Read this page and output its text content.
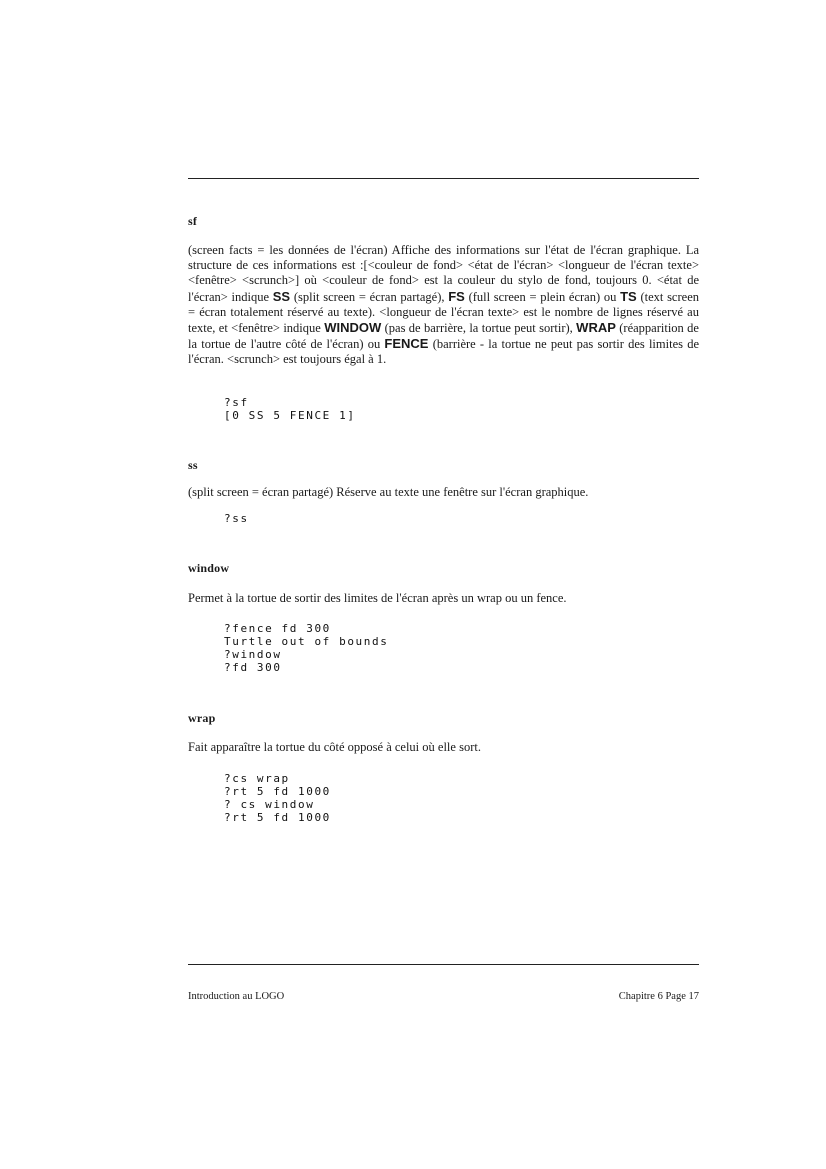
sf

(screen facts = les données de l'écran) Affiche des informations sur l'état de l'écran graphique. La structure de ces informations est :[<couleur de fond> <état de l'écran> <longueur de l'écran texte> <fenêtre> <scrunch>] où <couleur de fond> est la couleur du stylo de fond, toujours 0. <état de l'écran> indique SS (split screen = écran partagé), FS (full screen = plein écran) ou TS (text screen = écran totalement réservé au texte). <longueur de l'écran texte> est le nombre de lignes réservé au texte, et <fenêtre> indique WINDOW (pas de barrière, la tortue peut sortir), WRAP (réapparition de la tortue de l'autre côté de l'écran) ou FENCE (barrière - la tortue ne peut pas sortir des limites de l'écran. <scrunch> est toujours égal à 1.

?sf
[0 SS 5 FENCE 1]
ss

(split screen = écran partagé) Réserve au texte une fenêtre sur l'écran graphique.

?ss
window

Permet à la tortue de sortir des limites de l'écran après un wrap ou un fence.

?fence fd 300
Turtle out of bounds
?window
?fd 300
wrap

Fait apparaître la tortue du côté opposé à celui où elle sort.

?cs wrap
?rt 5 fd 1000
? cs window
?rt 5 fd 1000
Introduction au LOGO	Chapitre 6 Page 17
